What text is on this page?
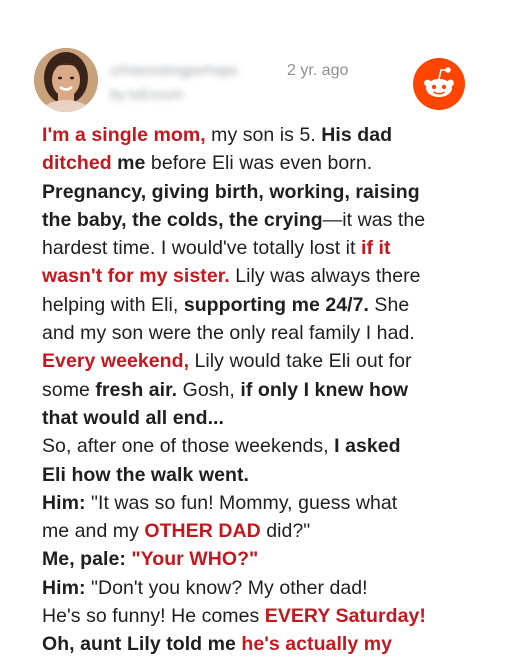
u/Interestingperhaps	2 yr. ago
by toExxum
I'm a single mom, my son is 5. His dad
ditched me before Eli was even born.
Pregnancy, giving birth, working, raising
the baby, the colds, the crying—it was the
hardest time. I would've totally lost it if it
wasn't for my sister. Lily was always there
helping with Eli, supporting me 24/7. She
and my son were the only real family I had.
Every weekend, Lily would take Eli out for
some fresh air. Gosh, if only I knew how
that would all end...
So, after one of those weekends, I asked
Eli how the walk went.
Him: "It was so fun! Mommy, guess what
me and my OTHER DAD did?"
Me, pale: "Your WHO?"
Him: "Don't you know? My other dad!
He's so funny! He comes EVERY Saturday!
Oh, aunt Lily told me he's actually my
